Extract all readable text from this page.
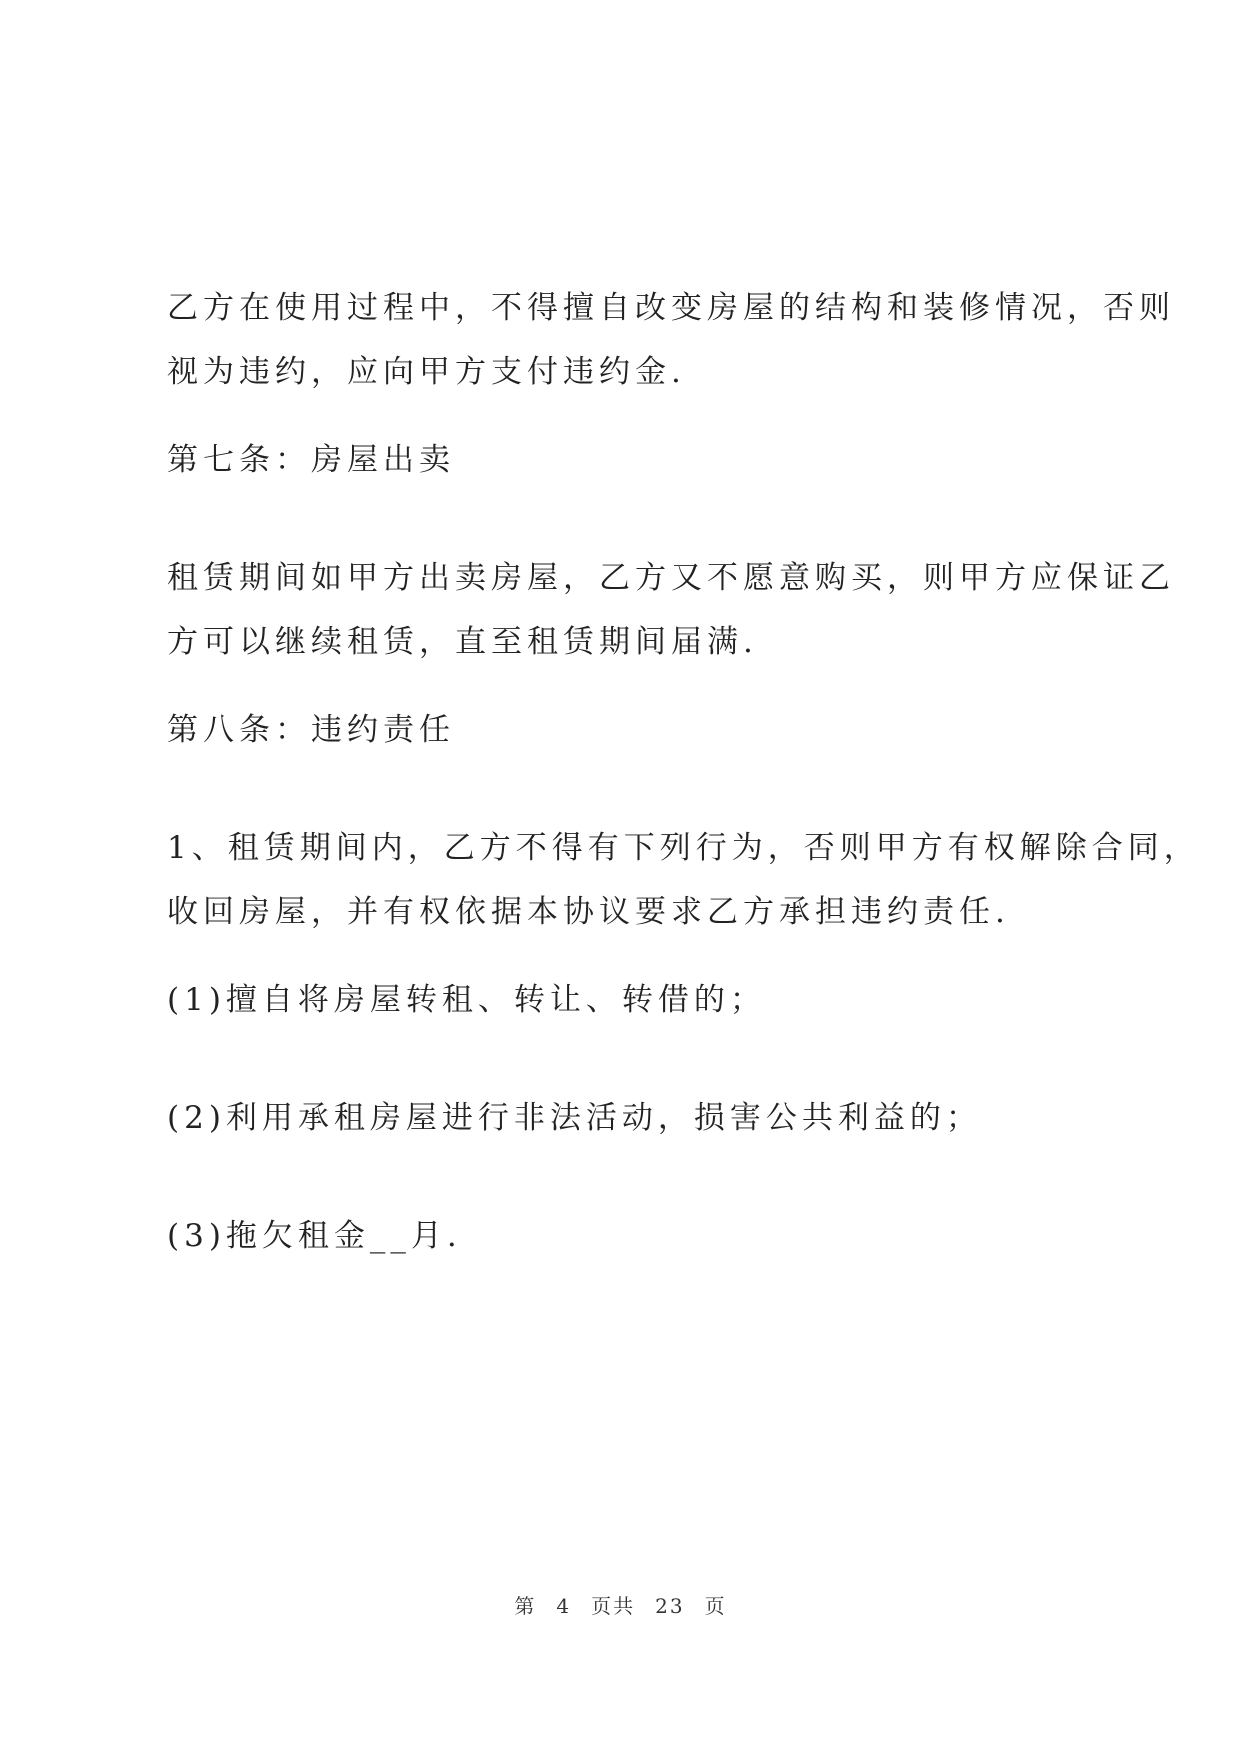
乙方在使用过程中，不得擅自改变房屋的结构和装修情况，否则
视为违约，应向甲方支付违约金.
第七条：房屋出卖
租赁期间如甲方出卖房屋，乙方又不愿意购买，则甲方应保证乙
方可以继续租赁，直至租赁期间届满.
第八条：违约责任
1、租赁期间内，乙方不得有下列行为，否则甲方有权解除合同，
收回房屋，并有权依据本协议要求乙方承担违约责任.
(1)擅自将房屋转租、转让、转借的；
(2)利用承租房屋进行非法活动，损害公共利益的；
(3)拖欠租金__月.
第 4 页共 23 页
